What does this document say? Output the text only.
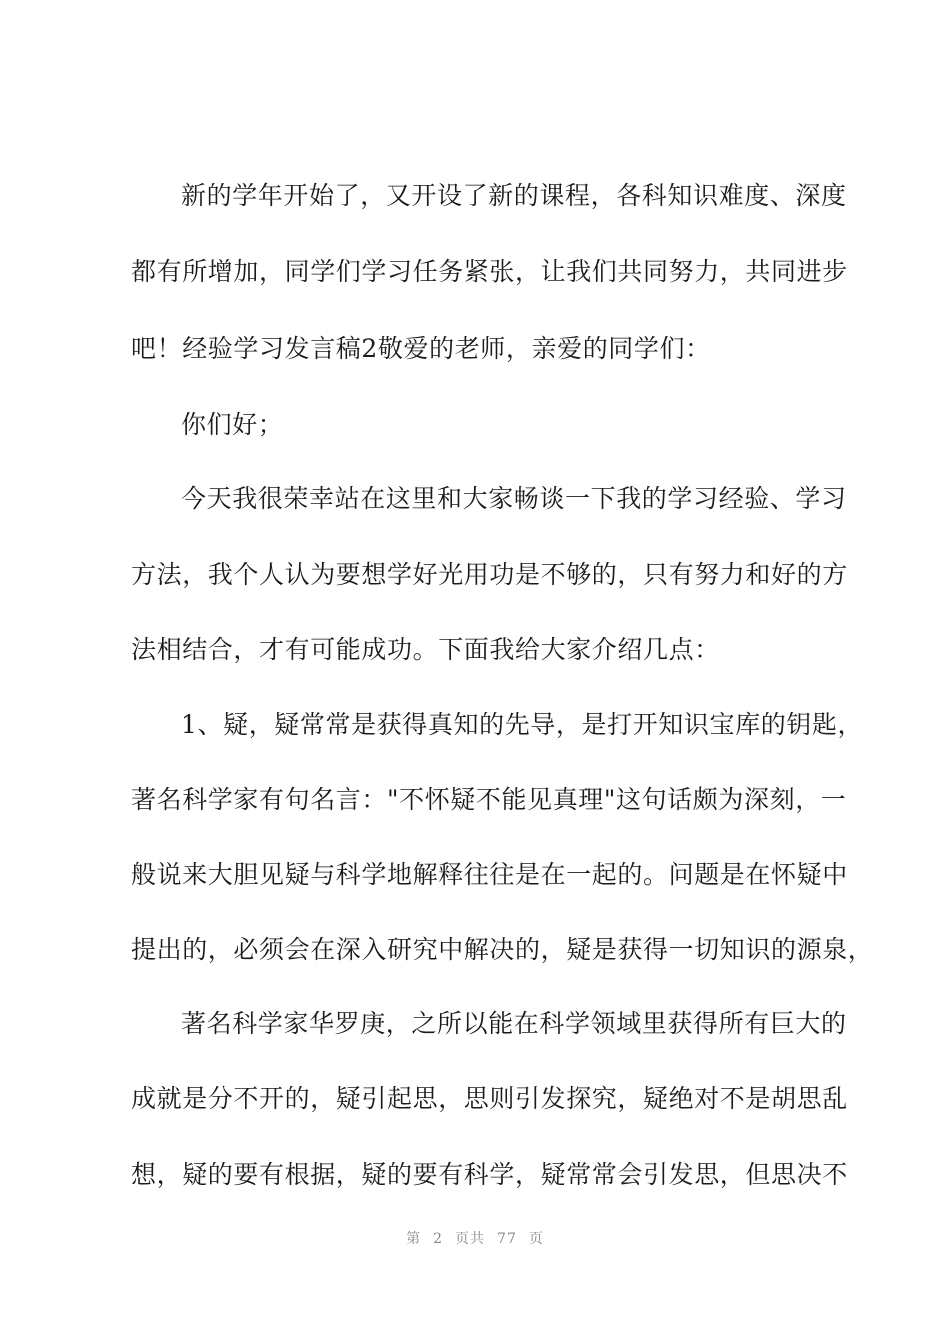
新的学年开始了，又开设了新的课程，各科知识难度、深度
都有所增加，同学们学习任务紧张，让我们共同努力，共同进步
吧！经验学习发言稿2敬爱的老师，亲爱的同学们：
你们好；
今天我很荣幸站在这里和大家畅谈一下我的学习经验、学习
方法，我个人认为要想学好光用功是不够的，只有努力和好的方
法相结合，才有可能成功。下面我给大家介绍几点：
1、疑，疑常常是获得真知的先导，是打开知识宝库的钥匙，
著名科学家有句名言："不怀疑不能见真理"这句话颇为深刻，一
般说来大胆见疑与科学地解释往往是在一起的。问题是在怀疑中
提出的，必须会在深入研究中解决的，疑是获得一切知识的源泉，
著名科学家华罗庚，之所以能在科学领域里获得所有巨大的
成就是分不开的，疑引起思，思则引发探究，疑绝对不是胡思乱
想，疑的要有根据，疑的要有科学，疑常常会引发思，但思决不
第 2 页共 77 页
